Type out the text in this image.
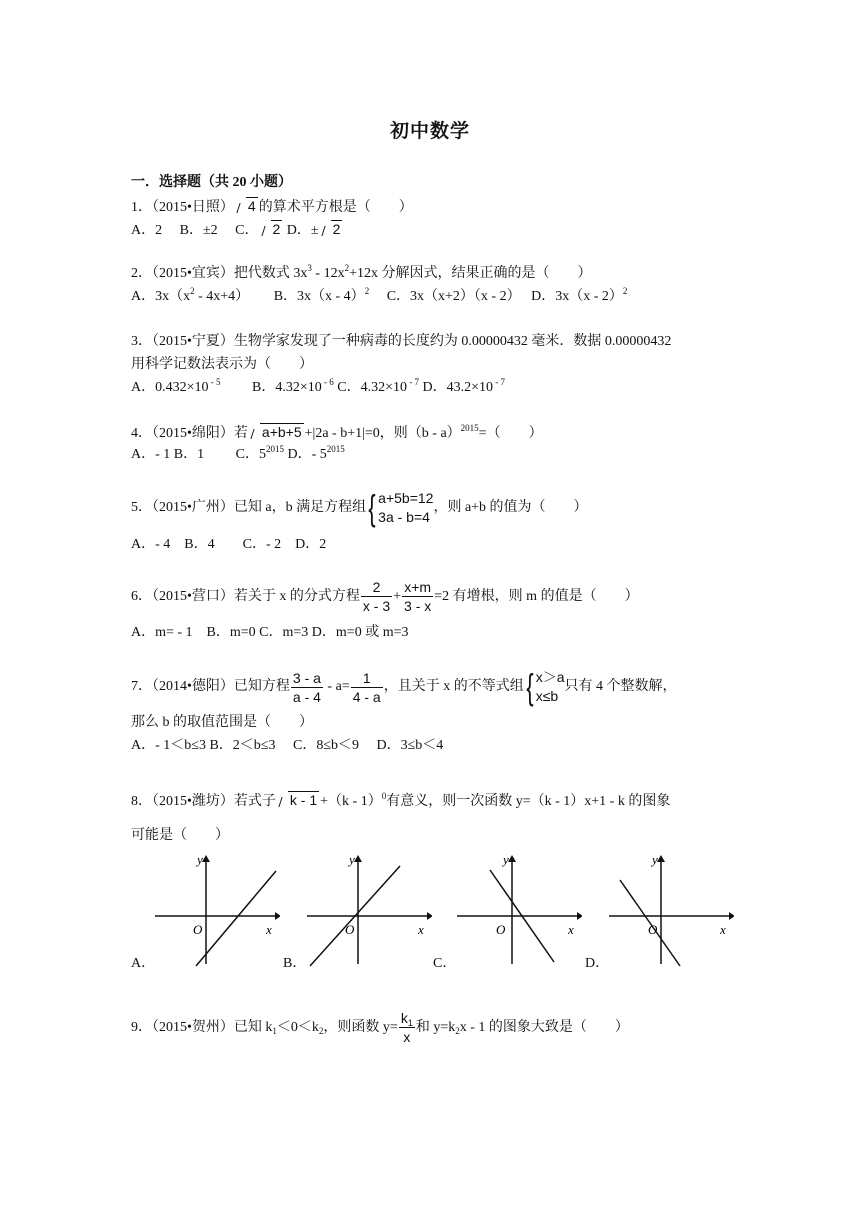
初中数学
一．选择题（共 20 小题）
1．（2015•日照） 4 的算术平方根是（　　）
A．2　 B．±2　 C． 2 D．± 2
2．（2015•宜宾）把代数式 $3x^3 - 12x^2+12x$ 分解因式，结果正确的是（　　）
A．$3x(x^2 - 4x+4)$　　 B．3x（x - 4）$^2$　 C．3x（x+2）（x - 2）　 D．3x（x - 2）$^2$
3．（2015•宁夏）生物学家发现了一种病毒的长度约为 0.00000432 毫米．数据 0.00000432
用科学记数法表示为（　　）
A．0.432×10 $^{- 5}$　　 B．4.32×10 $^{- 6}$ C．4.32×10 $^{- 7}$ D．43.2×10 $^{- 7}$
4．（2015•绵阳）若 a+b+5 +|2a - b+1|=0，则（b - a）$^{2015}$=（　　）
A．- 1 B．1　　 C．$5^{2015}$ D．- $5^{2015}$
5．（2015•广州）已知 a，b 满足方程组 { a+5b=12
3a - b=4
，则 a+b 的值为（　　）
A．- 4　B．4　　C．- 2　D．2
6．（2015•营口）若关于 x 的分式方程 $\frac{2}{x - 3} + \frac{x+m}{3 - x} =2$ 有增根，则 m 的值是（　　）
A．m= - 1　B．m=0 C．m=3 D．m=0 或 m=3
7．（2014•德阳）已知方程 $\frac{3 - a}{a - 4} - a= \frac{1}{4 - a}$ ，且关于 x 的不等式组 { x＞a
x≤b
只有 4 个整数解，
那么 b 的取值范围是（　　）
A．- 1＜b≤3 B．2＜b≤3　 C．8≤b＜9　 D．3≤b＜4
8．（2015•潍坊）若式子 k - 1 +（k - 1）$^0$有意义，则一次函数 y=（k - 1）x+1 - k 的图象
可能是（　　）
y
x
O
y
x
O
y
x
O
y
x
O
A．	B．	C．	D．
9．（2015•贺州）已知 $k_1<0<k_2$，则函数 $y= \frac{k_1}{x}$ 和 $y=k_2x - 1$ 的图象大致是（　　）
